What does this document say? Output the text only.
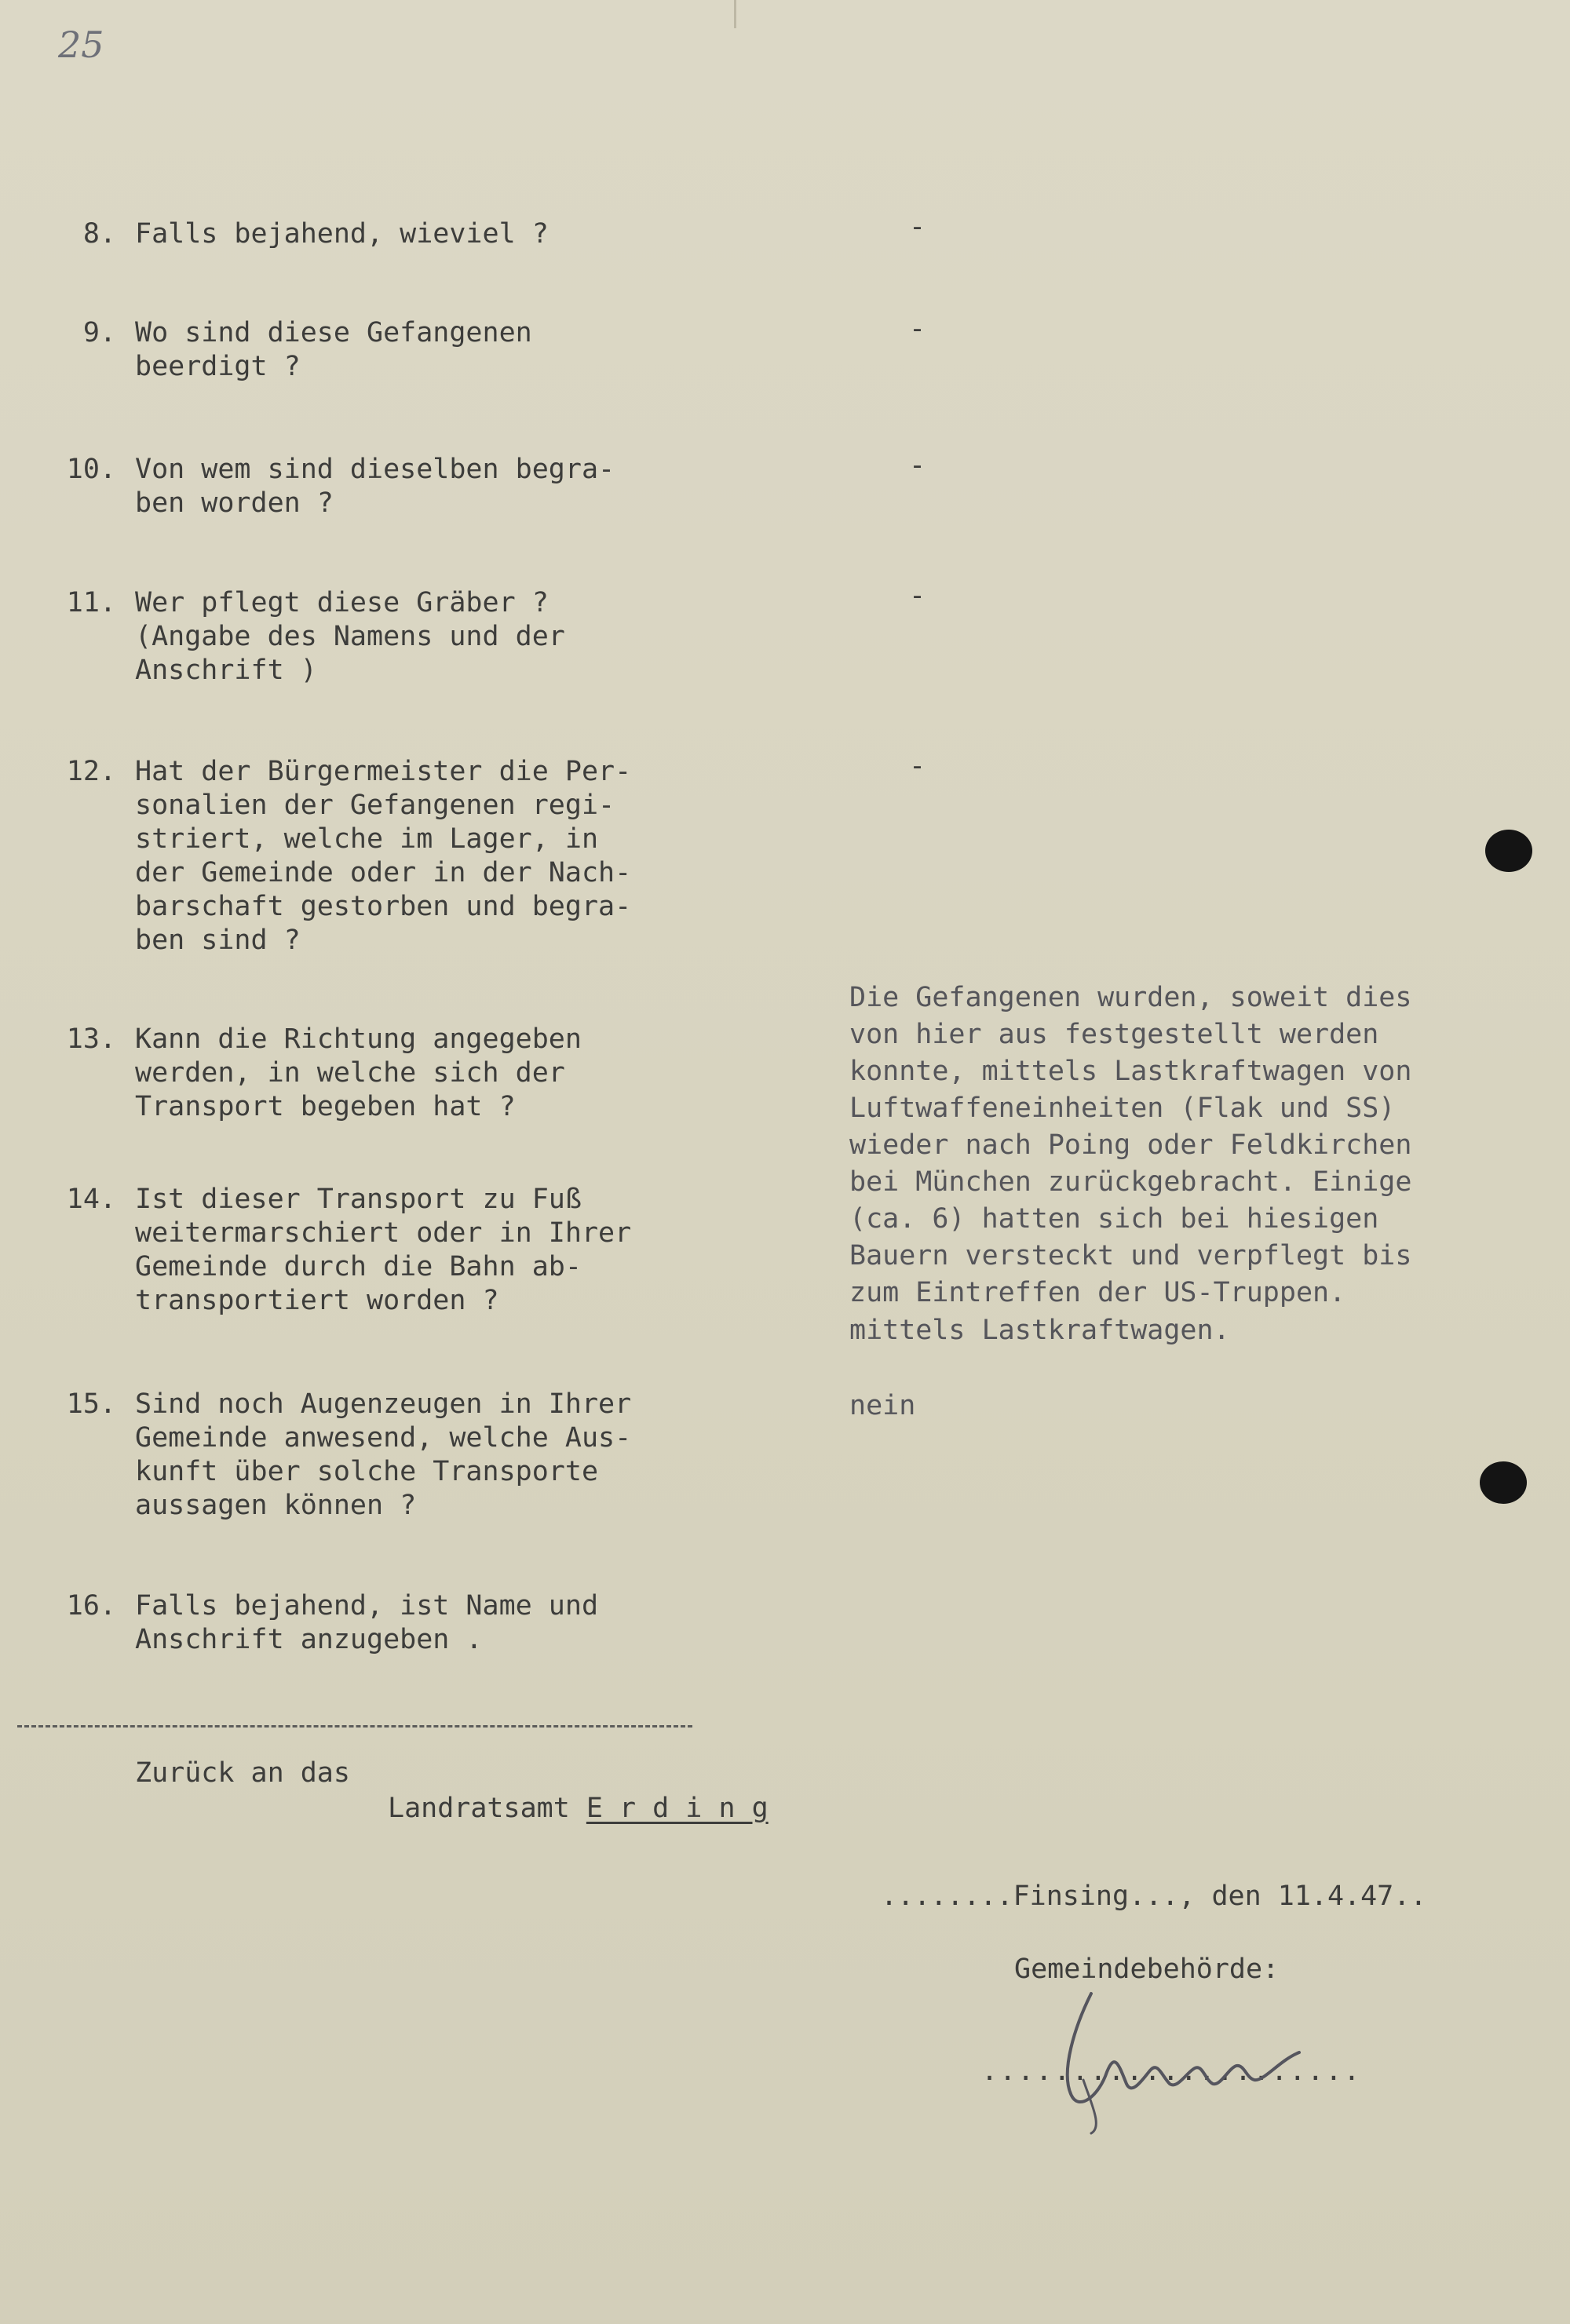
25
8. Falls bejahend, wieviel ?	-
9. Wo sind diese Gefangenen
beerdigt ?
-
10. Von wem sind dieselben begra-
ben worden ?
-
11. Wer pflegt diese Gräber ?
(Angabe des Namens und der
Anschrift )
-
12. Hat der Bürgermeister die Per-
sonalien der Gefangenen regi-
striert, welche im Lager, in
der Gemeinde oder in der Nach-
barschaft gestorben und begra-
ben sind ?
-
13. Kann die Richtung angegeben
werden, in welche sich der
Transport begeben hat ?
Die Gefangenen wurden, soweit dies
von hier aus festgestellt werden
konnte, mittels Lastkraftwagen von
Luftwaffeneinheiten (Flak und SS)
wieder nach Poing oder Feldkirchen
bei München zurückgebracht. Einige
(ca. 6) hatten sich bei hiesigen
Bauern versteckt und verpflegt bis
zum Eintreffen der US-Truppen.
14. Ist dieser Transport zu Fuß
weitermarschiert oder in Ihrer
Gemeinde durch die Bahn ab-
transportiert worden ?
mittels Lastkraftwagen.
15. Sind noch Augenzeugen in Ihrer
Gemeinde anwesend, welche Aus-
kunft über solche Transporte
aussagen können ?
nein
16. Falls bejahend, ist Name und
Anschrift anzugeben .
Zurück an das
Landratsamt E r d i n g
........Finsing..., den 11.4.47..
Gemeindebehörde:
.....................
